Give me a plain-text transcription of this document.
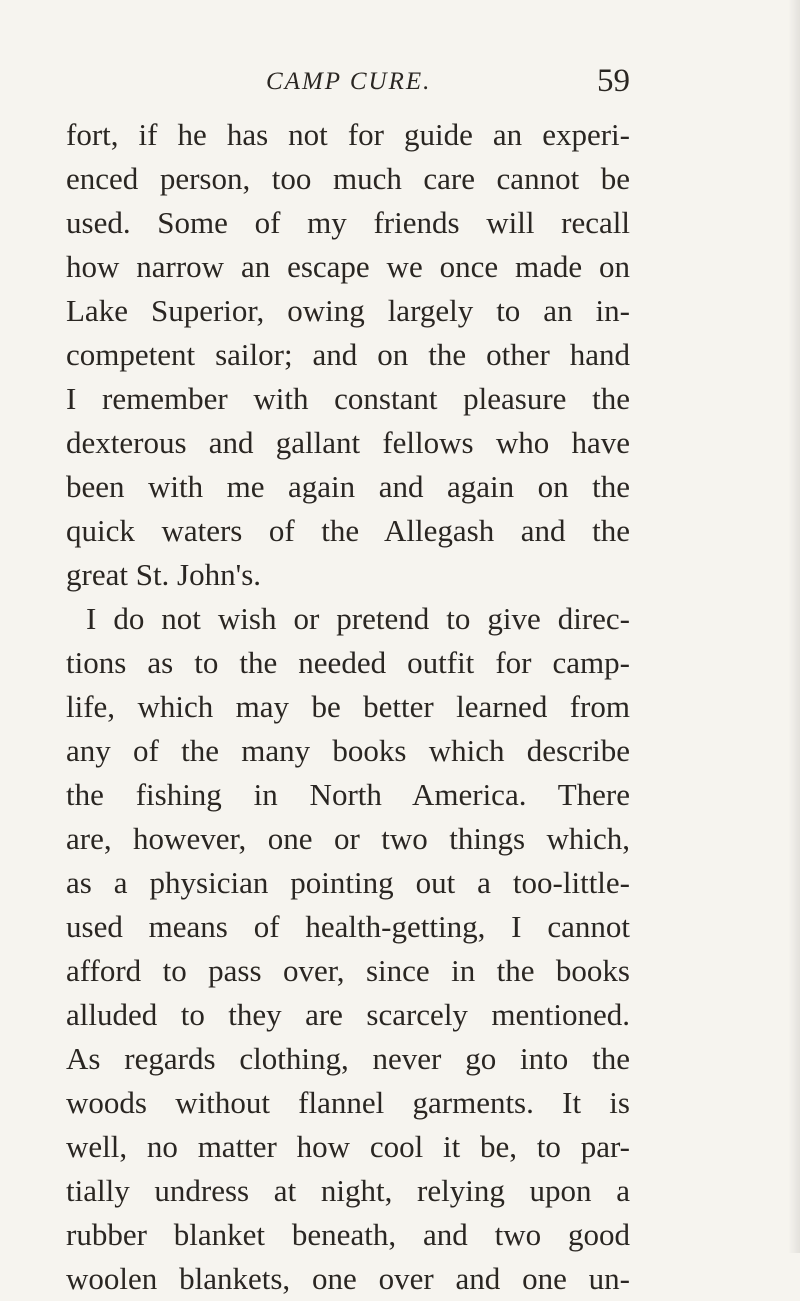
CAMP CURE.	59
fort, if he has not for guide an experi-
enced person, too much care cannot be
used. Some of my friends will recall
how narrow an escape we once made on
Lake Superior, owing largely to an in-
competent sailor; and on the other hand
I remember with constant pleasure the
dexterous and gallant fellows who have
been with me again and again on the
quick waters of the Allegash and the
great St. John's.
I do not wish or pretend to give direc-
tions as to the needed outfit for camp-
life, which may be better learned from
any of the many books which describe
the fishing in North America. There
are, however, one or two things which,
as a physician pointing out a too-little-
used means of health-getting, I cannot
afford to pass over, since in the books
alluded to they are scarcely mentioned.
As regards clothing, never go into the
woods without flannel garments. It is
well, no matter how cool it be, to par-
tially undress at night, relying upon a
rubber blanket beneath, and two good
woolen blankets, one over and one un-
